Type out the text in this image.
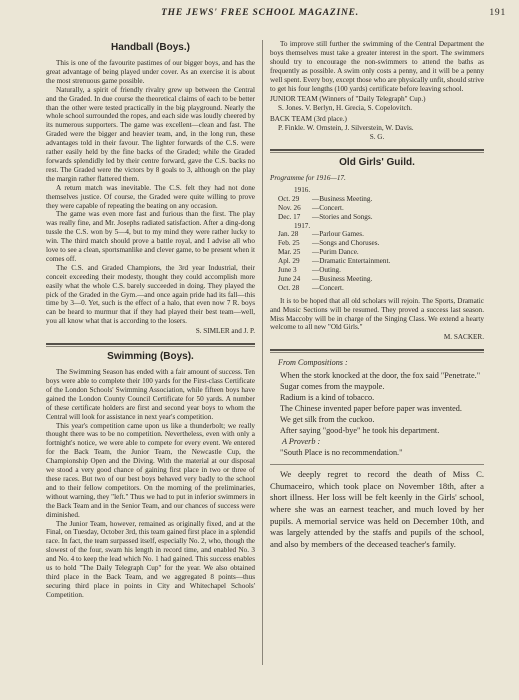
THE JEWS' FREE SCHOOL MAGAZINE.	191
Handball (Boys.)

This is one of the favourite pastimes of our bigger boys, and has the great advantage of being played under cover. As an exercise it is about the most strenuous game possible.

Naturally, a spirit of friendly rivalry grew up between the Central and the Graded. In due course the theoretical claims of each to be better than the other were tested practically in the big playground. Nearly the whole school surrounded the ropes, and each side was loudly cheered by its numerous supporters. The game was excellent—clean and fast. The Graded were the bigger and heavier team, and, in the long run, these advantages told in their favour. The lighter forwards of the C.S. were rather easily held by the fine backs of the Graded; while the Graded forwards splendidly led by their centre forward, gave the C.S. backs no rest. The Graded were the victors by 8 goals to 3, although on the play the margin rather flattered them.

A return match was inevitable. The C.S. felt they had not done themselves justice. Of course, the Graded were quite willing to prove they were capable of repeating the beating on any occasion.

The game was even more fast and furious than the first. The play was really fine, and Mr. Josephs radiated satisfaction. After a ding-dong tussle the C.S. won by 5—4, but to my mind they were rather lucky to win. The third match should prove a battle royal, and I advise all who love to see a clean, sportsmanlike and clever game, to be present when it comes off.

The C.S. and Graded Champions, the 3rd year Industrial, their conceit exceeding their modesty, thought they could accomplish more easily what the whole C.S. barely succeeded in doing. They played the pick of the Graded in the Gym.—and once again pride had its fall—this time by 3—0. Yet, such is the effect of a halo, that even now 7 R. boys can be heard to murmur that if they had played their best team—well, you all know what that is according to the losers.

S. SIMLER and J. P.
Swimming (Boys).

The Swimming Season has ended with a fair amount of success. Ten boys were able to complete their 100 yards for the First-class Certificate of the London Schools' Swimming Association, while fifteen boys have gained the London County Council Certificate for 50 yards. A number of these certificate holders are first and second year boys to whom the Central will look for assistance in next year's competition.

This year's competition came upon us like a thunderbolt; we really thought there was to be no competition. Nevertheless, even with only a fortnight's notice, we were able to compete for every event. We entered for the Back Team, the Junior Team, the Newcastle Cup, the Championship Open and the Diving. With the material at our disposal we stood a very good chance of gaining first place in two or three of these races. But two of our best boys behaved very badly to the school and to their fellow competitors. On the morning of the preliminaries, without warning, they "left." Thus we had to put in inferior swimmers in the Back Team and in the Senior Team, and our chances of success were diminished.

The Junior Team, however, remained as originally fixed, and at the Final, on Tuesday, October 3rd, this team gained first place in a splendid race. In fact, the team surpassed itself, especially No. 2, who, though the slowest of the four, swam his length in record time, and enabled No. 3 and No. 4 to keep the lead which No. 1 had gained. This success enables us to hold "The Daily Telegraph Cup" for the year. We also obtained third place in the Back Team, and we aggregated 8 points—thus securing third place in points in City and Whitechapel Schools' Competition.

To improve still further the swimming of the Central Department the boys themselves must take a greater interest in the sport. The swimmers should try to encourage the non-swimmers to attend the baths as frequently as possible. A swim only costs a penny, and it will be a penny well spent. Every boy, except those who are physically unfit, should strive to get his four lengths (100 yards) certificate before leaving school.

JUNIOR TEAM (Winners of "Daily Telegraph" Cup.)
S. Jones. V. Berlyn, H. Grecia, S. Copelovitch.
BACK TEAM (3rd place.)
P. Finkle. W. Ornstein, J. Silverstein, W. Davis.
S. G.
Old Girls' Guild.
Programme for 1916—17.
1916.
Oct. 29	—Business Meeting.
Nov. 26	—Concert.
Dec. 17	—Stories and Songs.
1917.
Jan. 28	—Parlour Games.
Feb. 25	—Songs and Choruses.
Mar. 25	—Purim Dance.
Apl. 29	—Dramatic Entertainment.
June 3	—Outing.
June 24	—Business Meeting.
Oct. 28	—Concert.

It is to be hoped that all old scholars will rejoin. The Sports, Dramatic and Music Sections will be resumed. They proved a success last season. Miss Maccoby will be in charge of the Singing Class. We extend a hearty welcome to all new "Old Girls."

M. SACKER.
From Compositions :

When the stork knocked at the door, the fox said "Penetrate."

Sugar comes from the maypole.

Radium is a kind of tobacco.

The Chinese invented paper before paper was invented.

We get silk from the cuckoo.

After saying "good-bye" he took his department.

A Proverb :

"South Place is no recommendation."

We deeply regret to record the death of Miss C. Chumaceiro, which took place on November 18th, after a short illness. Her loss will be felt keenly in the Girls' school, where she was an earnest teacher, and much loved by her pupils. A memorial service was held on December 10th, and was largely attended by the staffs and pupils of the school, and also by members of the deceased teacher's family.
